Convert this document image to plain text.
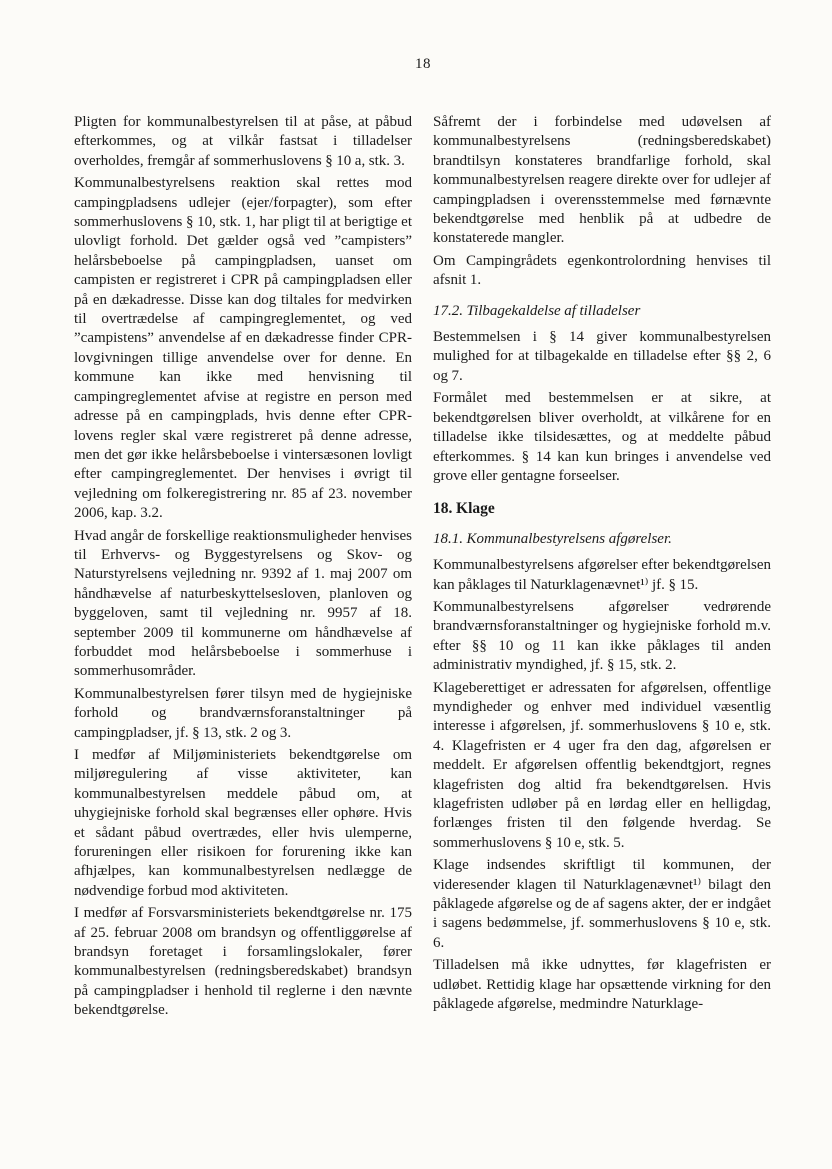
18

Pligten for kommunalbestyrelsen til at påse, at påbud efterkommes, og at vilkår fastsat i tilladelser overholdes, fremgår af sommerhuslovens § 10 a, stk. 3.

Kommunalbestyrelsens reaktion skal rettes mod campingpladsens udlejer (ejer/forpagter), som efter sommerhuslovens § 10, stk. 1, har pligt til at berigtige et ulovligt forhold. Det gælder også ved ”campisters” helårsbeboelse på campingpladsen, uanset om campisten er registreret i CPR på campingpladsen eller på en dækadresse. Disse kan dog tiltales for medvirken til overtrædelse af campingreglementet, og ved ”campistens” anvendelse af en dækadresse finder CPR-lovgivningen tillige anvendelse over for denne. En kommune kan ikke med henvisning til campingreglementet afvise at registre en person med adresse på en campingplads, hvis denne efter CPR-lovens regler skal være registreret på denne adresse, men det gør ikke helårsbeboelse i vintersæsonen lovligt efter campingreglementet. Der henvises i øvrigt til vejledning om folkeregistrering nr. 85 af 23. november 2006, kap. 3.2.

Hvad angår de forskellige reaktionsmuligheder henvises til Erhvervs- og Byggestyrelsens og Skov- og Naturstyrelsens vejledning nr. 9392 af 1. maj 2007 om håndhævelse af naturbeskyttelsesloven, planloven og byggeloven, samt til vejledning nr. 9957 af 18. september 2009 til kommunerne om håndhævelse af forbuddet mod helårsbeboelse i sommerhuse i sommerhusområder.

Kommunalbestyrelsen fører tilsyn med de hygiejniske forhold og brandværnsforanstaltninger på campingpladser, jf. § 13, stk. 2 og 3.

I medfør af Miljøministeriets bekendtgørelse om miljøregulering af visse aktiviteter, kan kommunalbestyrelsen meddele påbud om, at uhygiejniske forhold skal begrænses eller ophøre. Hvis et sådant påbud overtrædes, eller hvis ulemperne, forureningen eller risikoen for forurening ikke kan afhjælpes, kan kommunalbestyrelsen nedlægge de nødvendige forbud mod aktiviteten.

I medfør af Forsvarsministeriets bekendtgørelse nr. 175 af 25. februar 2008 om brandsyn og offentliggørelse af brandsyn foretaget i forsamlingslokaler, fører kommunalbestyrelsen (redningsberedskabet) brandsyn på campingpladser i henhold til reglerne i den nævnte bekendtgørelse.

Såfremt der i forbindelse med udøvelsen af kommunalbestyrelsens (redningsberedskabet) brandtilsyn konstateres brandfarlige forhold, skal kommunalbestyrelsen reagere direkte over for udlejer af campingpladsen i overensstemmelse med førnævnte bekendtgørelse med henblik på at udbedre de konstaterede mangler.

Om Campingrådets egenkontrolordning henvises til afsnit 1.

17.2. Tilbagekaldelse af tilladelser

Bestemmelsen i § 14 giver kommunalbestyrelsen mulighed for at tilbagekalde en tilladelse efter §§ 2, 6 og 7.

Formålet med bestemmelsen er at sikre, at bekendtgørelsen bliver overholdt, at vilkårene for en tilladelse ikke tilsidesættes, og at meddelte påbud efterkommes. § 14 kan kun bringes i anvendelse ved grove eller gentagne forseelser.

18. Klage
18.1. Kommunalbestyrelsens afgørelser.

Kommunalbestyrelsens afgørelser efter bekendtgørelsen kan påklages til Naturklagenævnet¹⁾ jf. § 15.

Kommunalbestyrelsens afgørelser vedrørende brandværnsforanstaltninger og hygiejniske forhold m.v. efter §§ 10 og 11 kan ikke påklages til anden administrativ myndighed, jf. § 15, stk. 2.

Klageberettiget er adressaten for afgørelsen, offentlige myndigheder og enhver med individuel væsentlig interesse i afgørelsen, jf. sommerhuslovens § 10 e, stk. 4. Klagefristen er 4 uger fra den dag, afgørelsen er meddelt. Er afgørelsen offentlig bekendtgjort, regnes klagefristen dog altid fra bekendtgørelsen. Hvis klagefristen udløber på en lørdag eller en helligdag, forlænges fristen til den følgende hverdag. Se sommerhuslovens § 10 e, stk. 5.

Klage indsendes skriftligt til kommunen, der videresender klagen til Naturklagenævnet¹⁾ bilagt den påklagede afgørelse og de af sagens akter, der er indgået i sagens bedømmelse, jf. sommerhuslovens § 10 e, stk. 6.

Tilladelsen må ikke udnyttes, før klagefristen er udløbet. Rettidig klage har opsættende virkning for den påklagede afgørelse, medmindre Naturklage-
